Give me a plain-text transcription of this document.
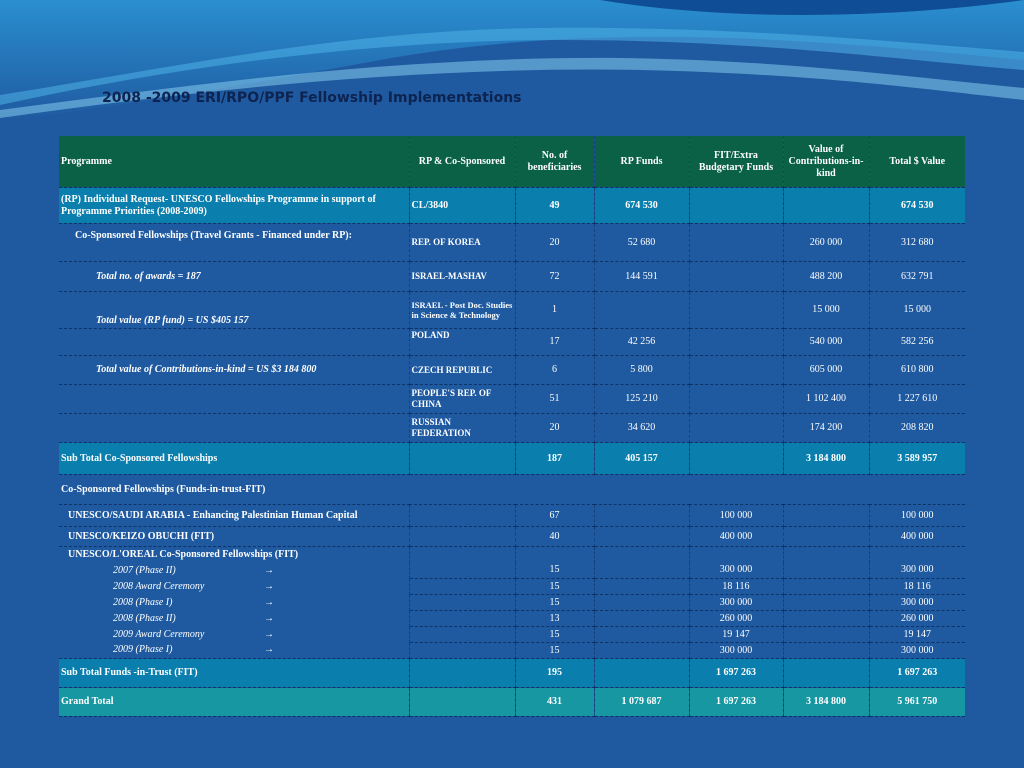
2008 -2009 ERI/RPO/PPF Fellowship Implementations
Programme	RP & Co-Sponsored	No. of beneficiaries	RP Funds	FIT/Extra Budgetary Funds	Value of Contributions-in-kind	Total $ Value
(RP) Individual Request- UNESCO Fellowships Programme in support of Programme Priorities (2008-2009)	CL/3840	49	674 530			674 530
Co-Sponsored Fellowships (Travel Grants - Financed under RP):	REP. OF KOREA	20	52 680		260 000	312 680
Total no. of awards = 187	ISRAEL-MASHAV	72	144 591		488 200	632 791
Total value (RP fund) = US $405 157	ISRAEL - Post Doc. Studies in Science & Technology	1			15 000	15 000
	POLAND	17	42 256		540 000	582 256
Total value of Contributions-in-kind = US $3 184 800	CZECH REPUBLIC	6	5 800		605 000	610 800
	PEOPLE'S REP. OF CHINA	51	125 210		1 102 400	1 227 610
	RUSSIAN FEDERATION	20	34 620		174 200	208 820
Sub Total Co-Sponsored Fellowships		187	405 157		3 184 800	3 589 957
Co-Sponsored Fellowships (Funds-in-trust-FIT)						
UNESCO/SAUDI ARABIA - Enhancing Palestinian Human Capital		67		100 000		100 000
UNESCO/KEIZO OBUCHI (FIT)		40		400 000		400 000
UNESCO/L'OREAL Co-Sponsored Fellowships (FIT)						
2007 (Phase II) →		15		300 000		300 000
2008 Award Ceremony →		15		18 116		18 116
2008 (Phase I) →		15		300 000		300 000
2008 (Phase II) →		13		260 000		260 000
2009 Award Ceremony →		15		19 147		19 147
2009 (Phase I) →		15		300 000		300 000
Sub Total Funds -in-Trust (FIT)		195		1 697 263		1 697 263
Grand Total		431	1 079 687	1 697 263	3 184 800	5 961 750
